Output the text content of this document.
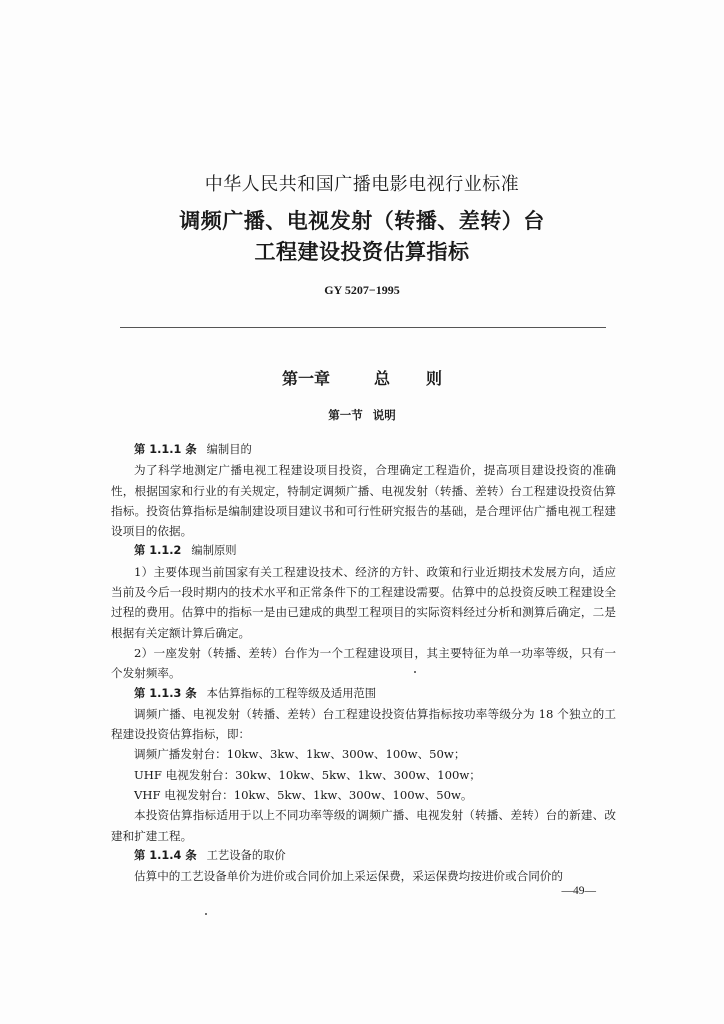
中华人民共和国广播电影电视行业标准
调频广播、电视发射（转播、差转）台
工程建设投资估算指标
GY 5207−1995
第一章	总 则
第一节 说明

第 1.1.1 条 编制目的

为了科学地测定广播电视工程建设项目投资，合理确定工程造价，提高项目建设投资的准确性，根据国家和行业的有关规定，特制定调频广播、电视发射（转播、差转）台工程建设投资估算指标。投资估算指标是编制建设项目建议书和可行性研究报告的基础，是合理评估广播电视工程建设项目的依据。

第 1.1.2 编制原则

1）主要体现当前国家有关工程建设技术、经济的方针、政策和行业近期技术发展方向，适应当前及今后一段时期内的技术水平和正常条件下的工程建设需要。估算中的总投资反映工程建设全过程的费用。估算中的指标一是由已建成的典型工程项目的实际资料经过分析和测算后确定，二是根据有关定额计算后确定。

2）一座发射（转播、差转）台作为一个工程建设项目，其主要特征为单一功率等级，只有一个发射频率。

第 1.1.3 条 本估算指标的工程等级及适用范围

调频广播、电视发射（转播、差转）台工程建设投资估算指标按功率等级分为 18 个独立的工程建设投资估算指标，即：

调频广播发射台：10kw、3kw、1kw、300w、100w、50w；

UHF 电视发射台：30kw、10kw、5kw、1kw、300w、100w；

VHF 电视发射台：10kw、5kw、1kw、300w、100w、50w。

本投资估算指标适用于以上不同功率等级的调频广播、电视发射（转播、差转）台的新建、改建和扩建工程。

第 1.1.4 条 工艺设备的取价

估算中的工艺设备单价为进价或合同价加上采运保费，采运保费均按进价或合同价的

—49—
